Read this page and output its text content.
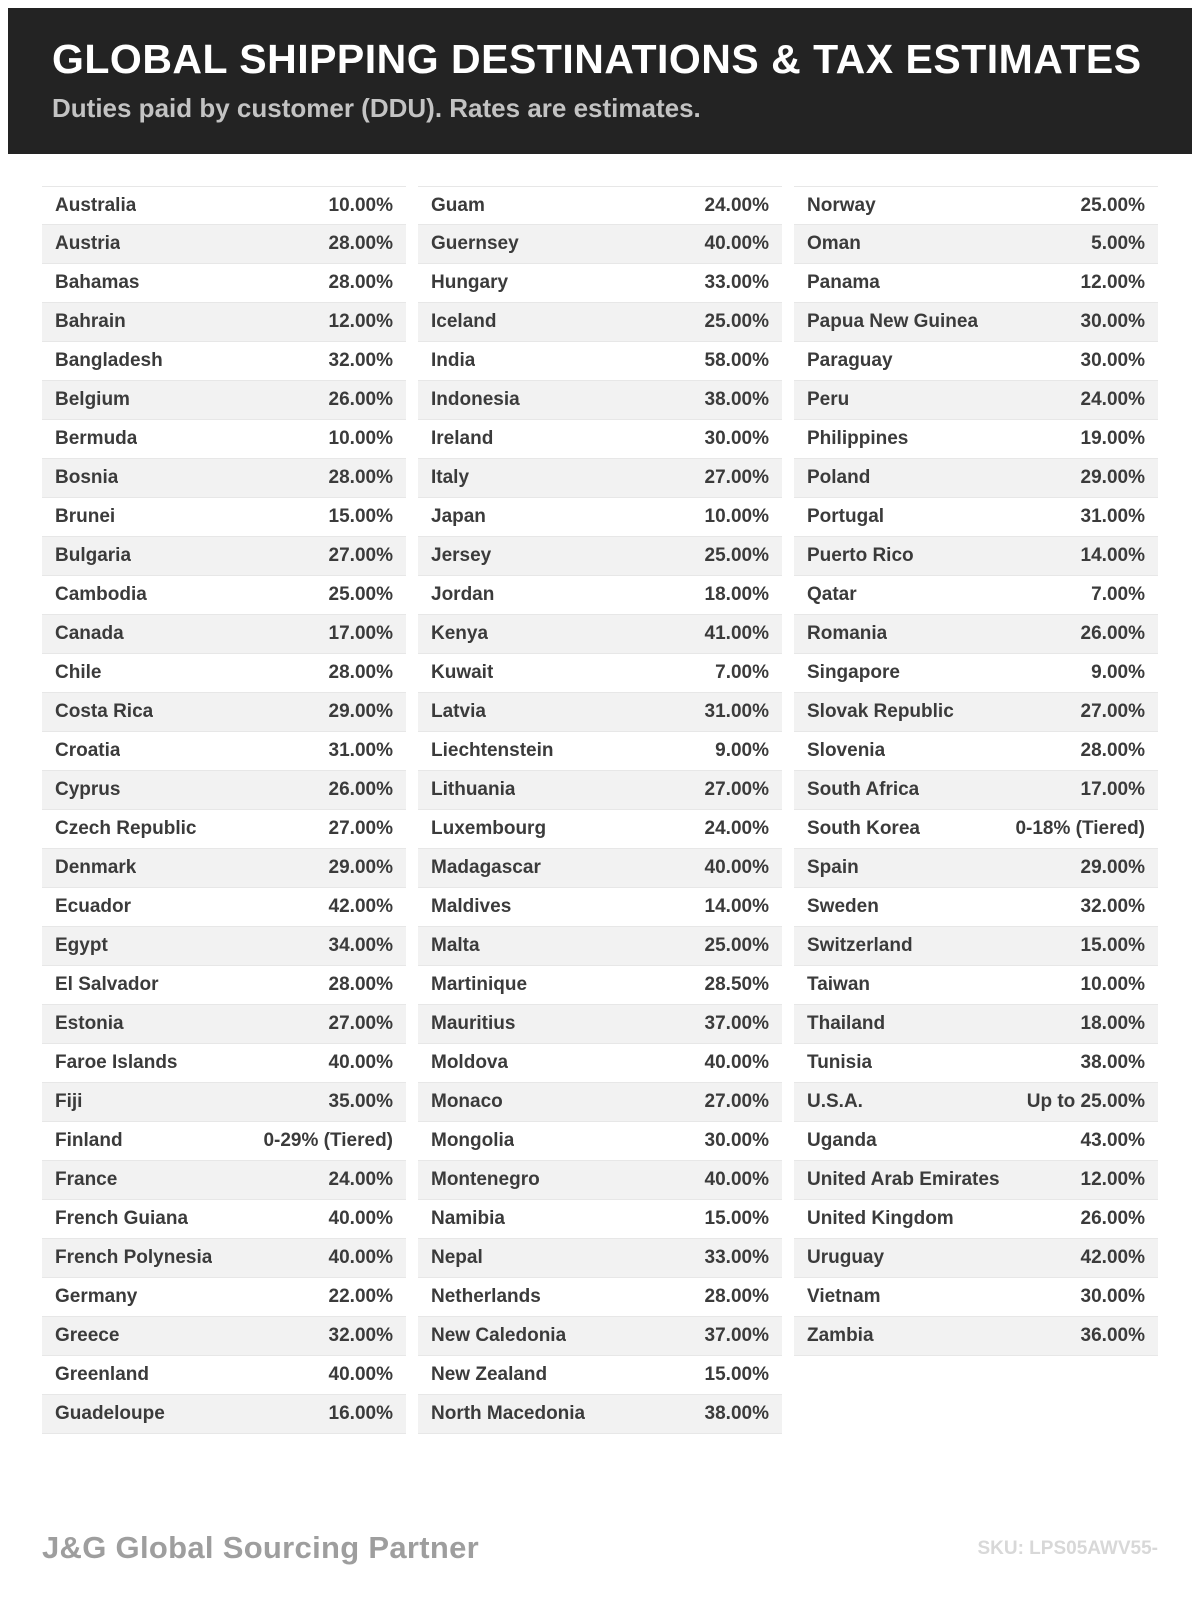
GLOBAL SHIPPING DESTINATIONS & TAX ESTIMATES

Duties paid by customer (DDU). Rates are estimates.

Australia	10.00%
Austria	28.00%
Bahamas	28.00%
Bahrain	12.00%
Bangladesh	32.00%
Belgium	26.00%
Bermuda	10.00%
Bosnia	28.00%
Brunei	15.00%
Bulgaria	27.00%
Cambodia	25.00%
Canada	17.00%
Chile	28.00%
Costa Rica	29.00%
Croatia	31.00%
Cyprus	26.00%
Czech Republic	27.00%
Denmark	29.00%
Ecuador	42.00%
Egypt	34.00%
El Salvador	28.00%
Estonia	27.00%
Faroe Islands	40.00%
Fiji	35.00%
Finland	0-29% (Tiered)
France	24.00%
French Guiana	40.00%
French Polynesia	40.00%
Germany	22.00%
Greece	32.00%
Greenland	40.00%
Guadeloupe	16.00%
Guam	24.00%
Guernsey	40.00%
Hungary	33.00%
Iceland	25.00%
India	58.00%
Indonesia	38.00%
Ireland	30.00%
Italy	27.00%
Japan	10.00%
Jersey	25.00%
Jordan	18.00%
Kenya	41.00%
Kuwait	7.00%
Latvia	31.00%
Liechtenstein	9.00%
Lithuania	27.00%
Luxembourg	24.00%
Madagascar	40.00%
Maldives	14.00%
Malta	25.00%
Martinique	28.50%
Mauritius	37.00%
Moldova	40.00%
Monaco	27.00%
Mongolia	30.00%
Montenegro	40.00%
Namibia	15.00%
Nepal	33.00%
Netherlands	28.00%
New Caledonia	37.00%
New Zealand	15.00%
North Macedonia	38.00%
Norway	25.00%
Oman	5.00%
Panama	12.00%
Papua New Guinea	30.00%
Paraguay	30.00%
Peru	24.00%
Philippines	19.00%
Poland	29.00%
Portugal	31.00%
Puerto Rico	14.00%
Qatar	7.00%
Romania	26.00%
Singapore	9.00%
Slovak Republic	27.00%
Slovenia	28.00%
South Africa	17.00%
South Korea	0-18% (Tiered)
Spain	29.00%
Sweden	32.00%
Switzerland	15.00%
Taiwan	10.00%
Thailand	18.00%
Tunisia	38.00%
U.S.A.	Up to 25.00%
Uganda	43.00%
United Arab Emirates	12.00%
United Kingdom	26.00%
Uruguay	42.00%
Vietnam	30.00%
Zambia	36.00%
J&G Global Sourcing Partner	SKU: LPS05AWV55-
